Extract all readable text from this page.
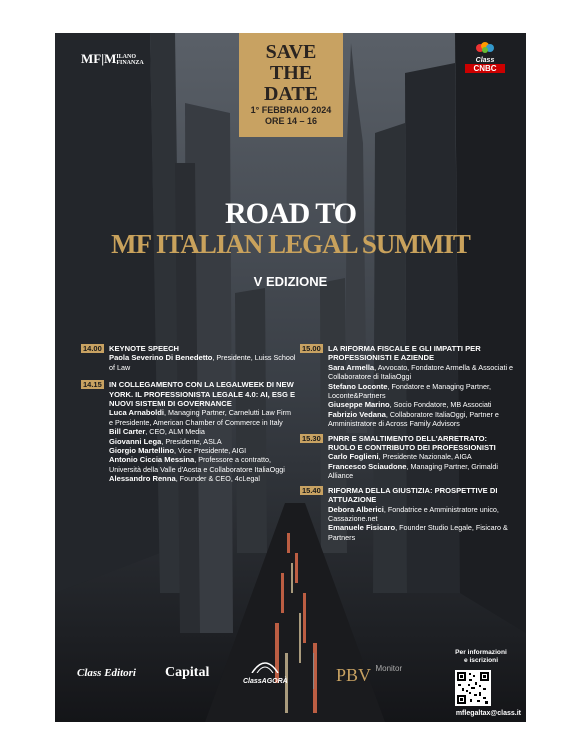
MF|MILANO
FINANZA
SAVE
THE
DATE
1° FEBBRAIO 2024
ORE 14 – 16
Class
CNBC
ROAD TO
MF ITALIAN LEGAL SUMMIT
V EDIZIONE
14.00 KEYNOTE SPEECH
Paola Severino Di Benedetto, Presidente, Luiss School of Law
14.15 IN COLLEGAMENTO CON LA LEGALWEEK DI NEW YORK. IL PROFESSIONISTA LEGALE 4.0: AI, ESG E NUOVI SISTEMI DI GOVERNANCE
Luca Arnaboldi, Managing Partner, Carnelutti Law Firm e Presidente, American Chamber of Commerce in Italy
Bill Carter, CEO, ALM Media
Giovanni Lega, Presidente, ASLA
Giorgio Martellino, Vice Presidente, AIGI
Antonio Ciccia Messina, Professore a contratto, Università della Valle d'Aosta e Collaboratore ItaliaOggi
Alessandro Renna, Founder & CEO, 4cLegal
15.00 LA RIFORMA FISCALE E GLI IMPATTI PER PROFESSIONISTI E AZIENDE
Sara Armella, Avvocato, Fondatore Armella & Associati e Collaboratore di ItaliaOggi
Stefano Loconte, Fondatore e Managing Partner, Loconte&Partners
Giuseppe Marino, Socio Fondatore, MB Associati
Fabrizio Vedana, Collaboratore ItaliaOggi, Partner e Amministratore di Across Family Advisors
15.30 PNRR E SMALTIMENTO DELL'ARRETRATO: RUOLO E CONTRIBUTO DEI PROFESSIONISTI
Carlo Foglieni, Presidente Nazionale, AIGA
Francesco Sciaudone, Managing Partner, Grimaldi Alliance
15.40 RIFORMA DELLA GIUSTIZIA: PROSPETTIVE DI ATTUAZIONE
Debora Alberici, Fondatrice e Amministratore unico, Cassazione.net
Emanuele Fisicaro, Founder Studio Legale, Fisicaro & Partners
Class Editori Capital
ClassAGORÀ	PBV Monitor
Per informazioni
e iscrizioni
mflegaltax@class.it
